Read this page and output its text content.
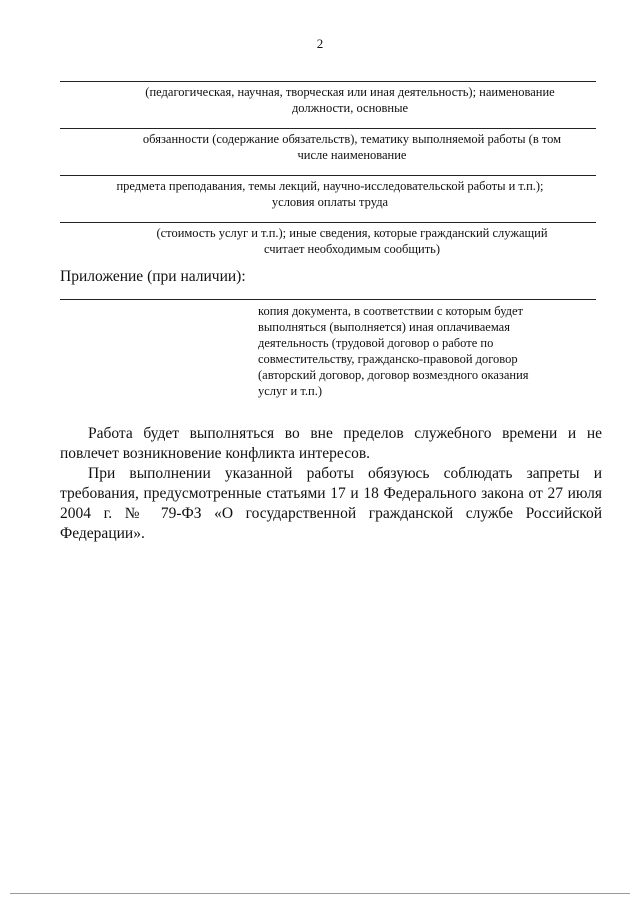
2
(педагогическая, научная, творческая или иная деятельность); наименование должности, основные
обязанности (содержание обязательств), тематику выполняемой работы (в том числе наименование
предмета преподавания, темы лекций, научно-исследовательской работы и т.п.); условия оплаты труда
(стоимость услуг и т.п.); иные сведения, которые гражданский служащий считает необходимым сообщить)
Приложение (при наличии):
копия документа, в соответствии с которым будет
выполняться (выполняется) иная оплачиваемая
деятельность (трудовой договор о работе по
совместительству, гражданско-правовой договор
(авторский договор, договор возмездного оказания
услуг и т.п.)
Работа будет выполняться во вне пределов служебного времени и не повлечет возникновение конфликта интересов.
При выполнении указанной работы обязуюсь соблюдать запреты и требования, предусмотренные статьями 17 и 18 Федерального закона от 27 июля 2004 г. № 79-ФЗ «О государственной гражданской службе Российской Федерации».
